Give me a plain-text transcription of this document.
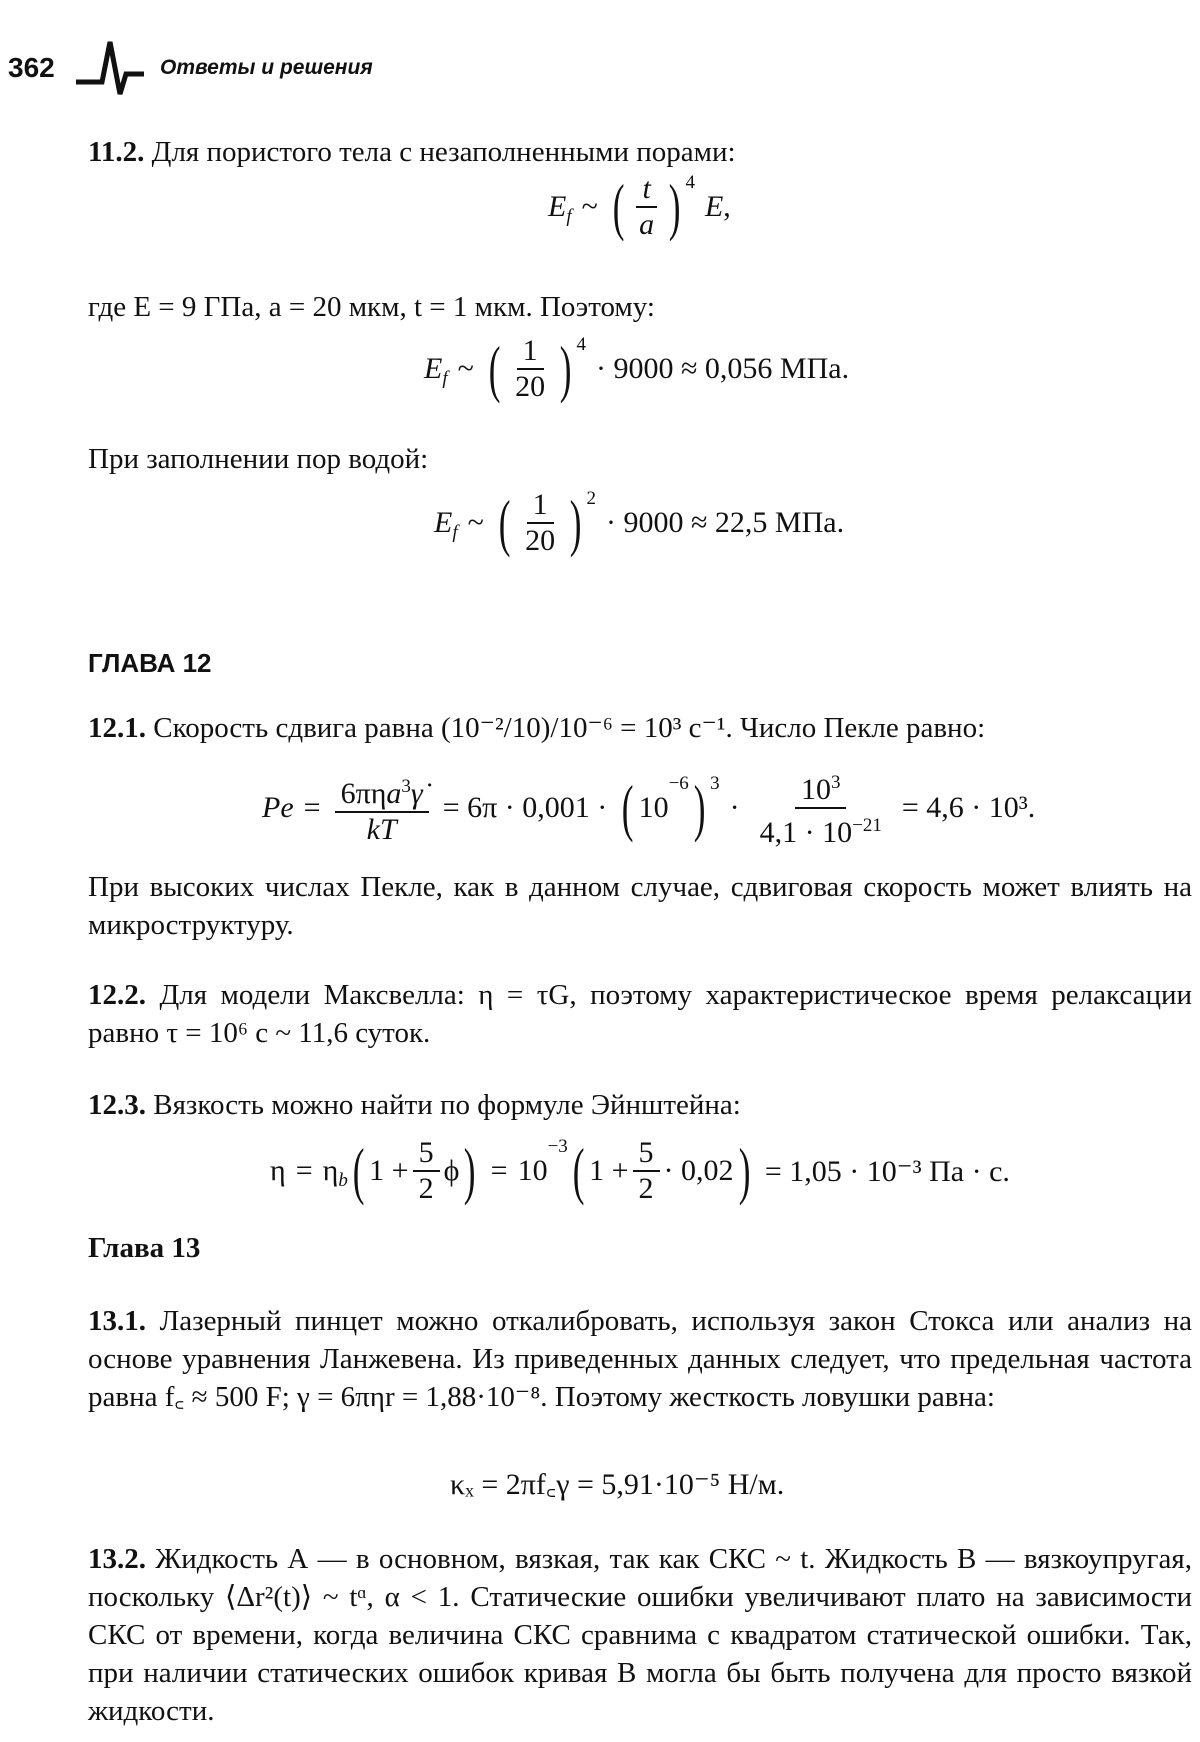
362	Ответы и решения
11.2. Для пористого тела с незаполненными порами:
E f ~ ( $\frac{t}{a}$ ) 4
E ,
где E = 9 ГПа, a = 20 мкм, t = 1 мкм. Поэтому:
E f ~ ( $\frac{1}{20}$ ) 4
· 9000 ≈ 0,056 МПа.
При заполнении пор водой:
E f ~ ( $\frac{1}{20}$ ) 2
· 9000 ≈ 22,5 МПа.
ГЛАВА 12
12.1. Скорость сдвига равна (10⁻²/10)/10⁻⁶ = 10³ с⁻¹. Число Пекле равно:
$Pe = \frac{6\pi\eta a^3\gammȧ}{kT} = 6\pi \cdot 0,001$ · ( 10
−6 ) 3
· $\frac{10^3}{4,1 \cdot 10^{-21}} = 4,6 \cdot 10^3$.
При высоких числах Пекле, как в данном случае, сдвиговая скорость может влиять на микроструктуру.
12.2. Для модели Максвелла: η = τG, поэтому характеристическое время релаксации равно τ = 10⁶ с ~ 11,6 суток.
12.3. Вязкость можно найти по формуле Эйнштейна:
η = η b ( $1 + \frac{5}{2}$ ϕ ) = 10
−3 ( $1 + \frac{5}{2} \cdot 0,02$ ) = 1,05 · 10⁻³ Па · с.
Глава 13
13.1. Лазерный пинцет можно откалибровать, используя закон Стокса или анализ на основе уравнения Ланжевена. Из приведенных данных следует, что предельная частота равна f꜀ ≈ 500 F; γ = 6πηr = 1,88·10⁻⁸. Поэтому жесткость ловушки равна:
κₓ = 2πf꜀γ = 5,91·10⁻⁵ Н/м.
13.2. Жидкость А — в основном, вязкая, так как СКС ~ t. Жидкость В — вязкоупругая, поскольку ⟨Δr²(t)⟩ ~ tᵅ, α < 1. Статические ошибки увеличивают плато на зависимости СКС от времени, когда величина СКС сравнима с квадратом статической ошибки. Так, при наличии статических ошибок кривая В могла бы быть получена для просто вязкой жидкости.
